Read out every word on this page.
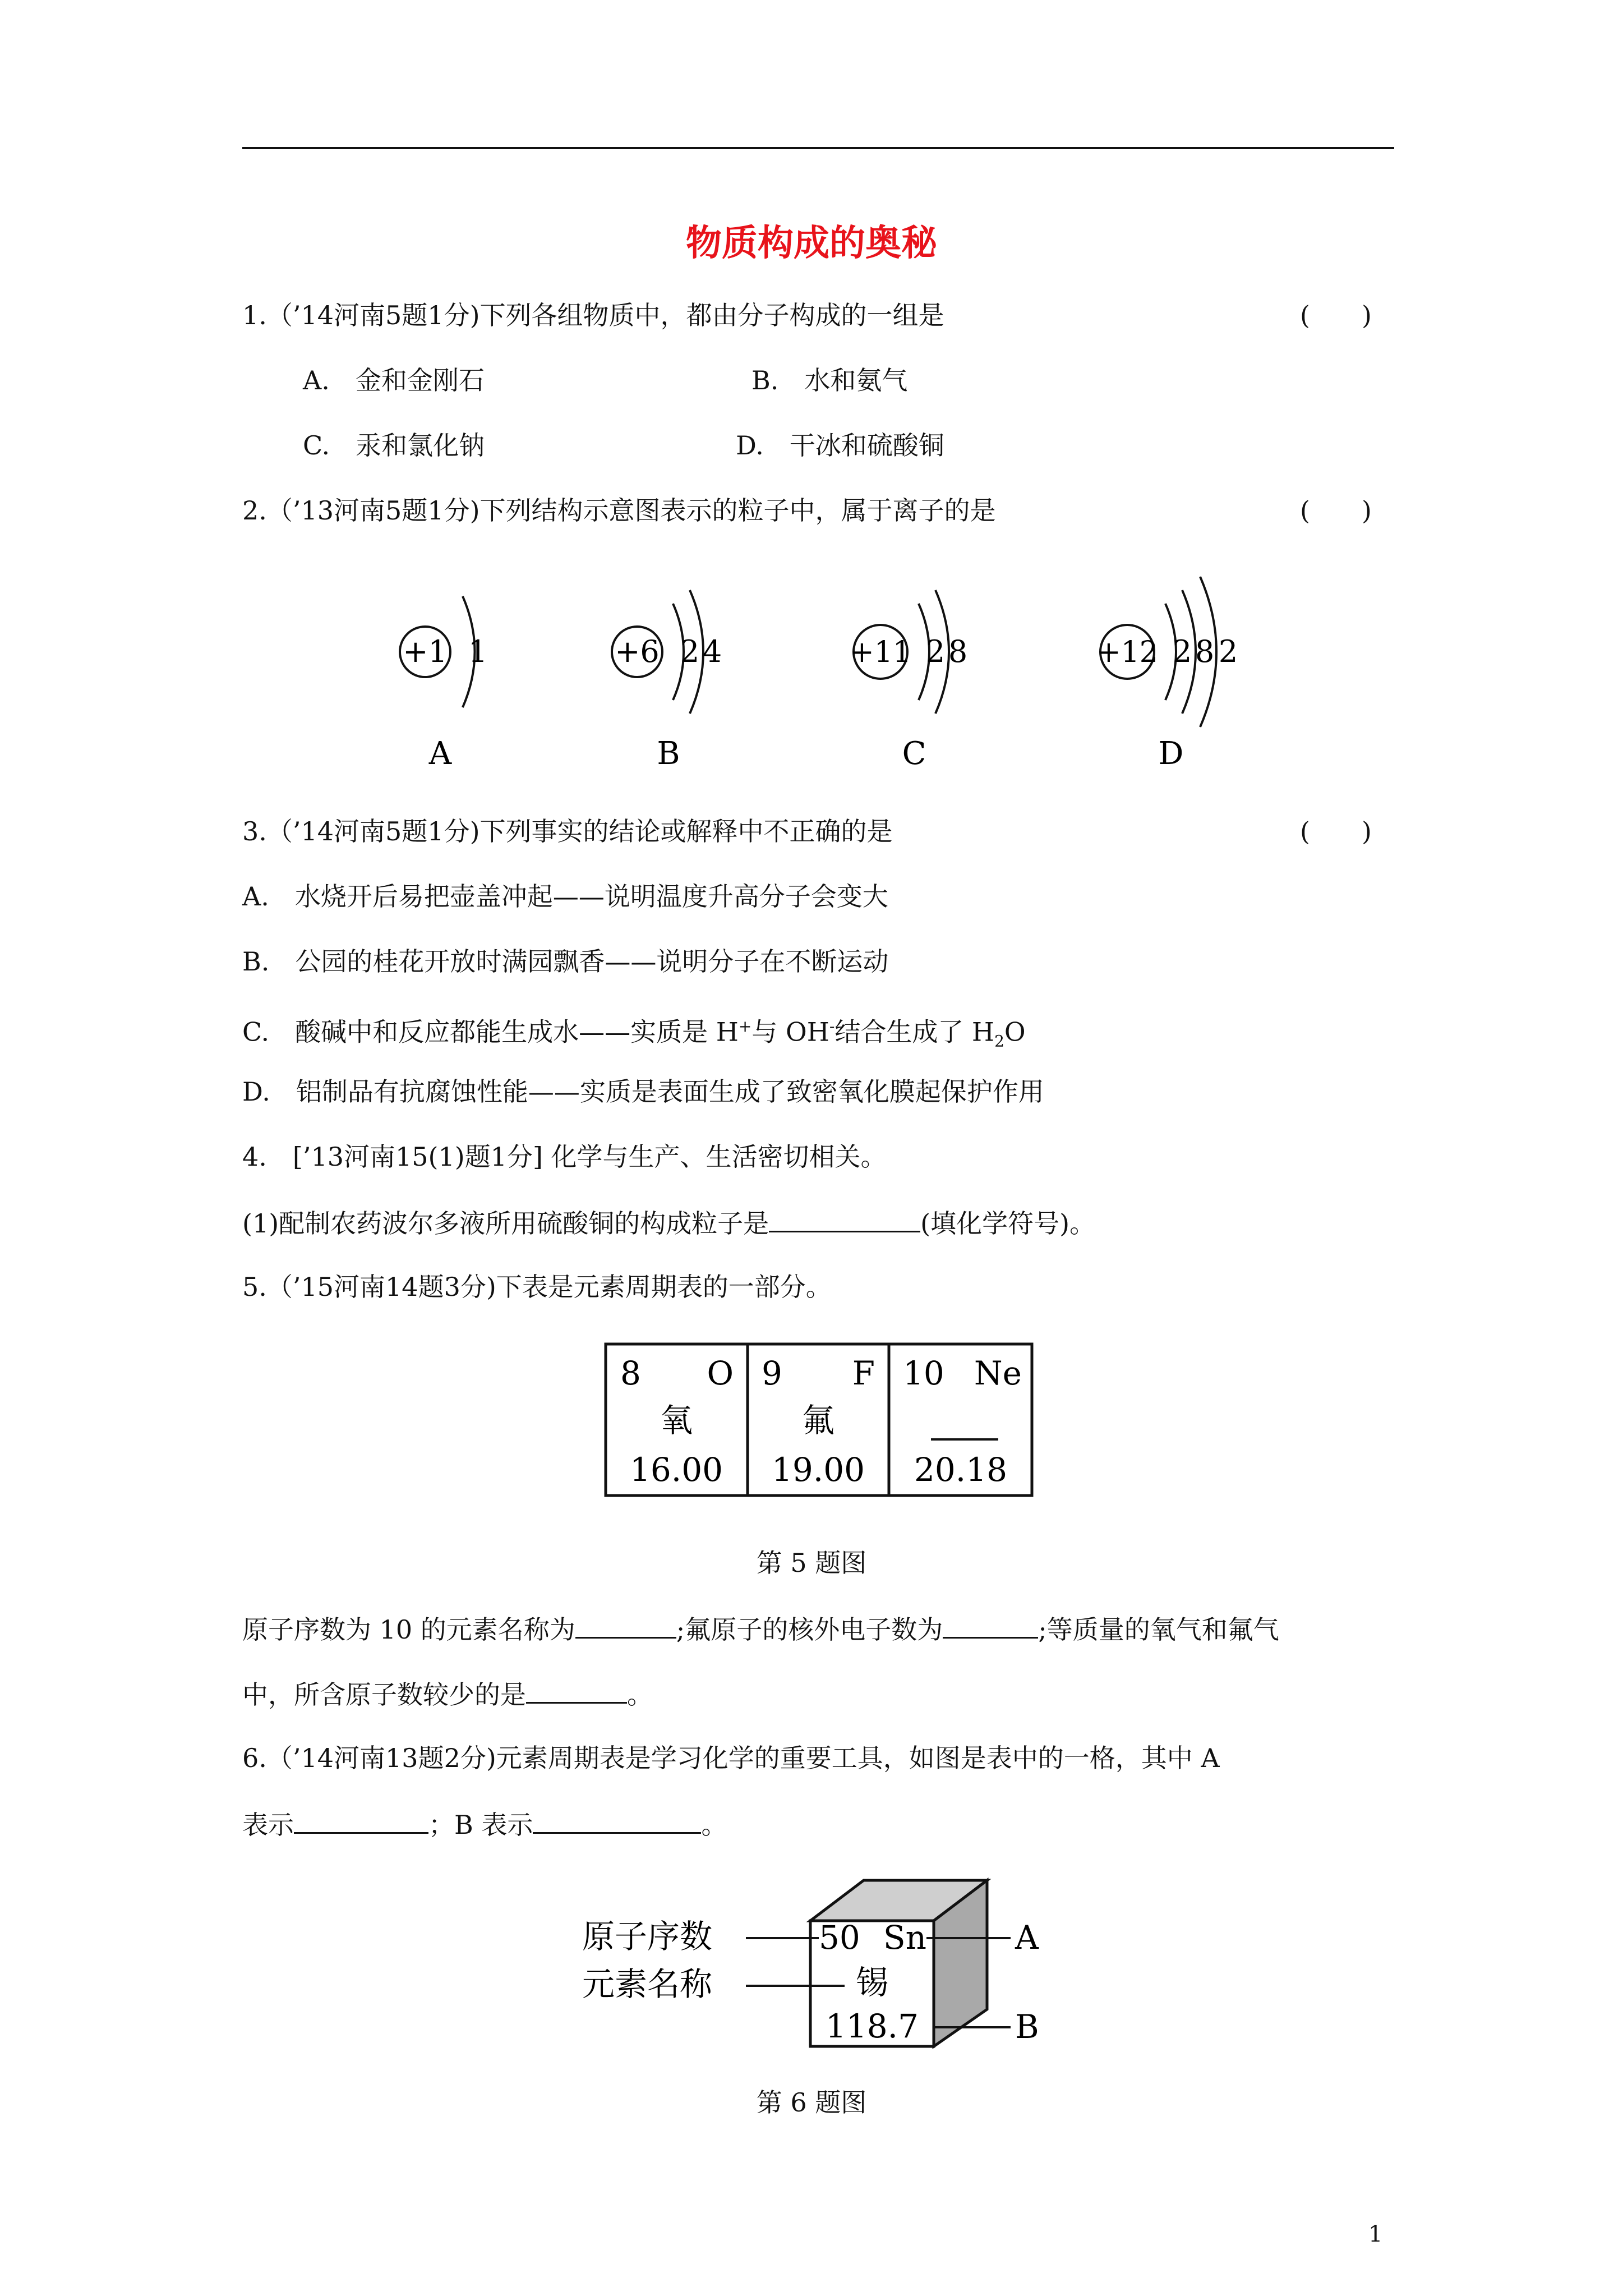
物质构成的奥秘
1.（’14河南5题1分)下列各组物质中，都由分子构成的一组是	(　　)
A.　金和金刚石	B.　水和氨气
C.　汞和氯化钠	D.　干冰和硫酸铜
2.（’13河南5题1分)下列结构示意图表示的粒子中，属于离子的是	(　　)
+1 1
A
+6 2 4
B
+11 2 8
C
+12 2 8 2
D
3.（’14河南5题1分)下列事实的结论或解释中不正确的是	(　　)
A.　水烧开后易把壶盖冲起——说明温度升高分子会变大
B.　公园的桂花开放时满园飘香——说明分子在不断运动
C.　酸碱中和反应都能生成水——实质是 H+与 OH-结合生成了 $H_2O$
D.　铝制品有抗腐蚀性能——实质是表面生成了致密氧化膜起保护作用
4.　[’13河南15(1)题1分] 化学与生产、生活密切相关。
(1)配制农药波尔多液所用硫酸铜的构成粒子是	(填化学符号)。
5.（’15河南14题3分)下表是元素周期表的一部分。
8 O
氧
16.00
9 F
氟
19.00
10 Ne
20.18
第 5 题图
原子序数为 10 的元素名称为	;氟原子的核外电子数为	;等质量的氧气和氟气
中，所含原子数较少的是	。
6.（’14河南13题2分)元素周期表是学习化学的重要工具，如图是表中的一格，其中 A
表示	；B 表示	。
原子序数
元素名称
50 Sn
锡
118.7
A
B
第 6 题图
1
